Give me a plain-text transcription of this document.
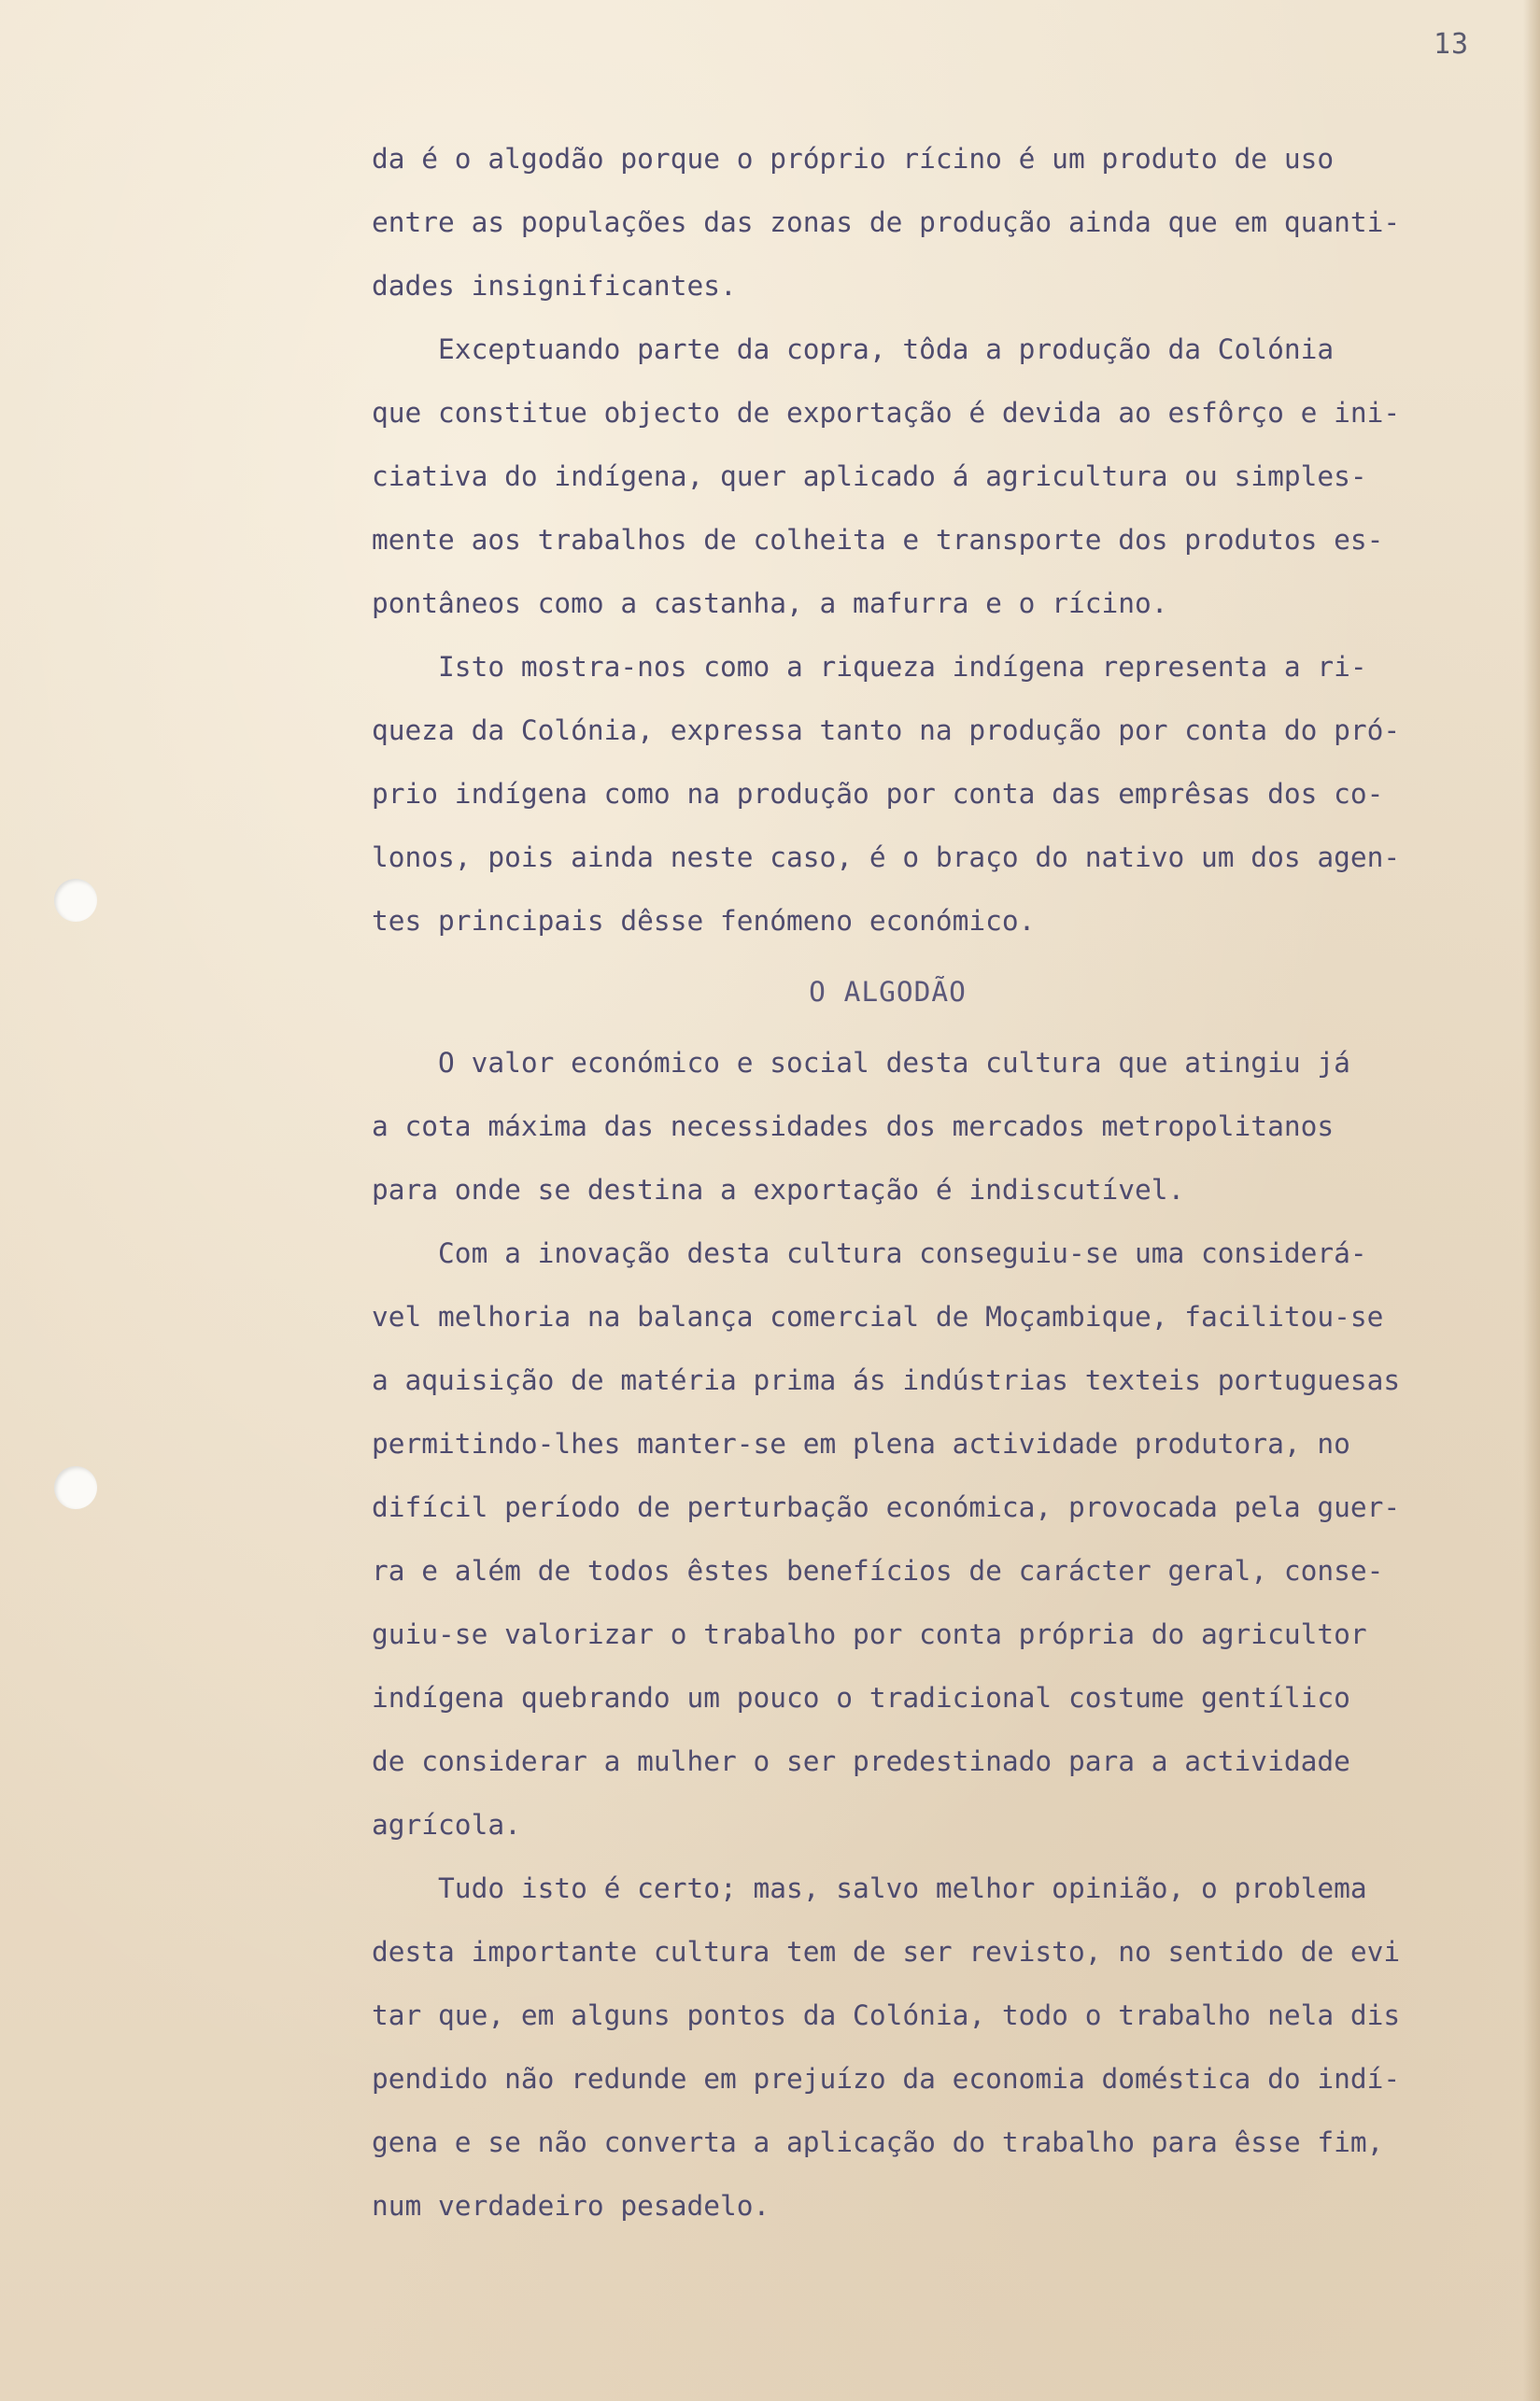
13
da é o algodão porque o próprio rícino é um produto de uso
entre as populações das zonas de produção ainda que em quanti-
dades insignificantes.
Exceptuando parte da copra, tôda a produção da Colónia
que constitue objecto de exportação é devida ao esfôrço e ini-
ciativa do indígena, quer aplicado á agricultura ou simples-
mente aos trabalhos de colheita e transporte dos produtos es-
pontâneos como a castanha, a mafurra e o rícino.
Isto mostra-nos como a riqueza indígena representa a ri-
queza da Colónia, expressa tanto na produção por conta do pró-
prio indígena como na produção por conta das emprêsas dos co-
lonos, pois ainda neste caso, é o braço do nativo um dos agen-
tes principais dêsse fenómeno económico.
O ALGODÃO
O valor económico e social desta cultura que atingiu já
a cota máxima das necessidades dos mercados metropolitanos
para onde se destina a exportação é indiscutível.
Com a inovação desta cultura conseguiu-se uma considerá-
vel melhoria na balança comercial de Moçambique, facilitou-se
a aquisição de matéria prima ás indústrias texteis portuguesas
permitindo-lhes manter-se em plena actividade produtora, no
difícil período de perturbação económica, provocada pela guer-
ra e além de todos êstes benefícios de carácter geral, conse-
guiu-se valorizar o trabalho por conta própria do agricultor
indígena quebrando um pouco o tradicional costume gentílico
de considerar a mulher o ser predestinado para a actividade
agrícola.
Tudo isto é certo; mas, salvo melhor opinião, o problema
desta importante cultura tem de ser revisto, no sentido de evi
tar que, em alguns pontos da Colónia, todo o trabalho nela dis
pendido não redunde em prejuízo da economia doméstica do indí-
gena e se não converta a aplicação do trabalho para êsse fim,
num verdadeiro pesadelo.
